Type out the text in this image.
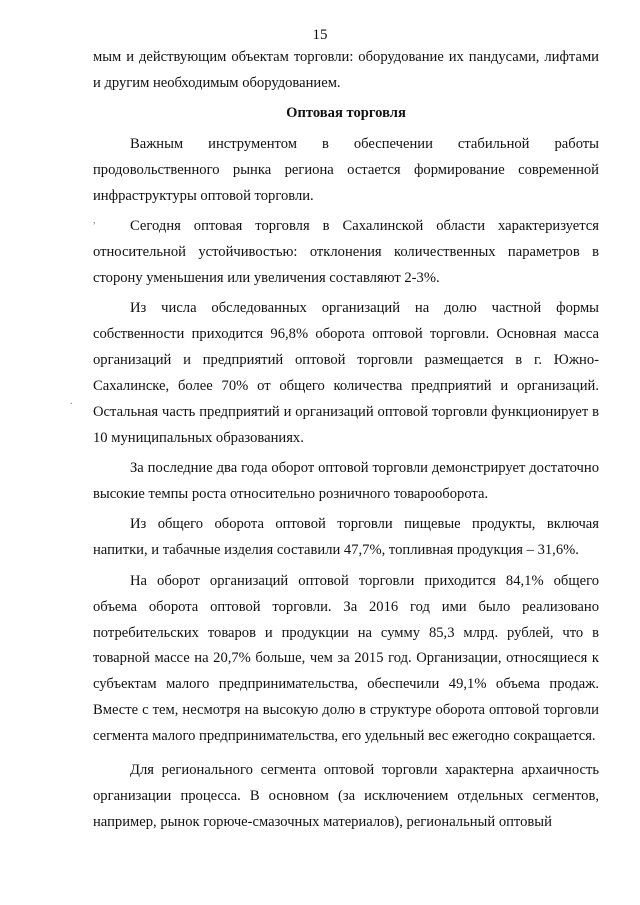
15
,
.

мым и действующим объектам торговли: оборудование их пандусами, лифтами и другим необходимым оборудованием.

Оптовая торговля

Важным инструментом в обеспечении стабильной работы продовольственного рынка региона остается формирование современной инфраструктуры оптовой торговли.

Сегодня оптовая торговля в Сахалинской области характеризуется относительной устойчивостью: отклонения количественных параметров в сторону уменьшения или увеличения составляют 2-3%.

Из числа обследованных организаций на долю частной формы собственности приходится 96,8% оборота оптовой торговли. Основная масса организаций и предприятий оптовой торговли размещается в г. Южно-Сахалинске, более 70% от общего количества предприятий и организаций. Остальная часть предприятий и организаций оптовой торговли функционирует в 10 муниципальных образованиях.

За последние два года оборот оптовой торговли демонстрирует достаточно высокие темпы роста относительно розничного товарооборота.

Из общего оборота оптовой торговли пищевые продукты, включая напитки, и табачные изделия составили 47,7%, топливная продукция – 31,6%.

На оборот организаций оптовой торговли приходится 84,1% общего объема оборота оптовой торговли. За 2016 год ими было реализовано потребительских товаров и продукции на сумму 85,3 млрд. рублей, что в товарной массе на 20,7% больше, чем за 2015 год. Организации, относящиеся к субъектам малого предпринимательства, обеспечили 49,1% объема продаж. Вместе с тем, несмотря на высокую долю в структуре оборота оптовой торговли сегмента малого предпринимательства, его удельный вес ежегодно сокращается.

Для регионального сегмента оптовой торговли характерна архаичность организации процесса. В основном (за исключением отдельных сегментов, например, рынок горюче-смазочных материалов), региональный оптовый
